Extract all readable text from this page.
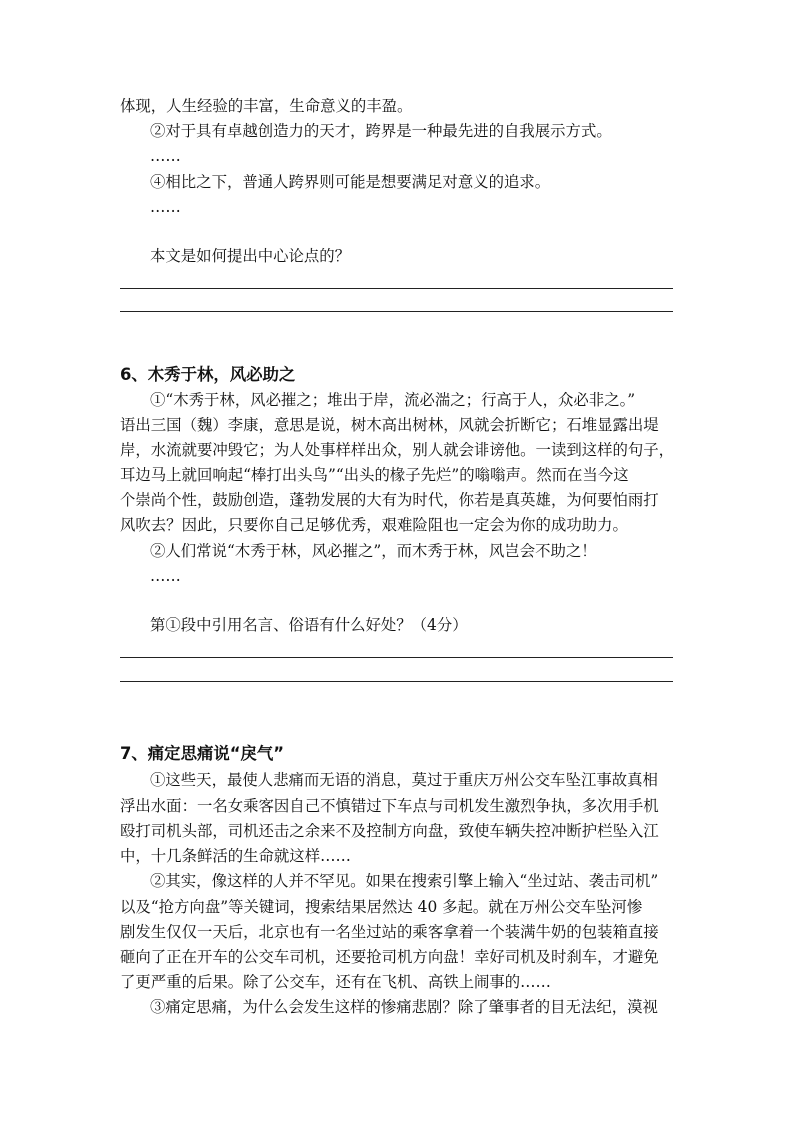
体现，人生经验的丰富，生命意义的丰盈。
②对于具有卓越创造力的天才，跨界是一种最先进的自我展示方式。
……
④相比之下，普通人跨界则可能是想要满足对意义的追求。
……
本文是如何提出中心论点的？
6、木秀于林，风必助之
①“木秀于林，风必摧之；堆出于岸，流必湍之；行高于人，众必非之。”
语出三国（魏）李康，意思是说，树木高出树林，风就会折断它；石堆显露出堤
岸，水流就要冲毁它；为人处事样样出众，别人就会诽谤他。一读到这样的句子，
耳边马上就回响起“棒打出头鸟”“出头的椽子先烂”的嗡嗡声。然而在当今这
个崇尚个性，鼓励创造，蓬勃发展的大有为时代，你若是真英雄，为何要怕雨打
风吹去？因此，只要你自己足够优秀，艰难险阻也一定会为你的成功助力。
②人们常说“木秀于林，风必摧之”，而木秀于林，风岂会不助之！
……
第①段中引用名言、俗语有什么好处？（4分）
7、痛定思痛说“戾气”
①这些天，最使人悲痛而无语的消息，莫过于重庆万州公交车坠江事故真相
浮出水面：一名女乘客因自己不慎错过下车点与司机发生激烈争执，多次用手机
殴打司机头部，司机还击之余来不及控制方向盘，致使车辆失控冲断护栏坠入江
中，十几条鲜活的生命就这样……
②其实，像这样的人并不罕见。如果在搜索引擎上输入“坐过站、袭击司机”
以及“抢方向盘”等关键词，搜索结果居然达 40 多起。就在万州公交车坠河惨
剧发生仅仅一天后，北京也有一名坐过站的乘客拿着一个装满牛奶的包装箱直接
砸向了正在开车的公交车司机，还要抢司机方向盘！幸好司机及时刹车，才避免
了更严重的后果。除了公交车，还有在飞机、高铁上闹事的……
③痛定思痛，为什么会发生这样的惨痛悲剧？除了肇事者的目无法纪，漠视
